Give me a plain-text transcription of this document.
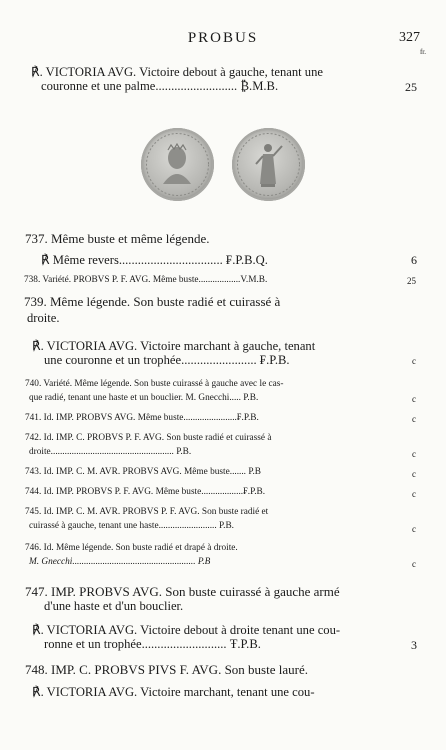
PROBUS	327
fr.
℟. VICTORIA AVG. Victoire debout à gauche, tenant une
couronne et une palme.......................... ₿.M.B.	25
737. Même buste et même légende.
℟ Même revers................................. ₣.P.B.Q.	6
738. Variété. PROBVS P. F. AVG. Même buste..................V.M.B.	25
739. Même légende. Son buste radié et cuirassé à
droite.
℟. VICTORIA AVG. Victoire marchant à gauche, tenant
une couronne et un trophée........................ ₣.P.B.	c
740. Variété. Même légende. Son buste cuirassé à gauche avec le cas-
que radié, tenant une haste et un bouclier. M. Gnecchi..... P.B.	c
741. Id. IMP. PROBVS AVG. Même buste.......................₣.P.B.	c
742. Id. IMP. C. PROBVS P. F. AVG. Son buste radié et cuirassé à
droite..................................................... P.B.	c
743. Id. IMP. C. M. AVR. PROBVS AVG. Même buste....... P.B	c
744. Id. IMP. PROBVS P. F. AVG. Même buste..................₣.P.B.	c
745. Id. IMP. C. M. AVR. PROBVS P. F. AVG. Son buste radié et
cuirassé à gauche, tenant une haste......................... P.B.	c
746. Id. Même légende. Son buste radié et drapé à droite.
M. Gnecchi..................................................... P.B	c
747. IMP. PROBVS AVG. Son buste cuirassé à gauche armé
d'une haste et d'un bouclier.
℟. VICTORIA AVG. Victoire debout à droite tenant une cou-
ronne et un trophée........................... Ŧ.P.B.	3
748. IMP. C. PROBVS PIVS F. AVG. Son buste lauré.
℟. VICTORIA AVG. Victoire marchant, tenant une cou-
